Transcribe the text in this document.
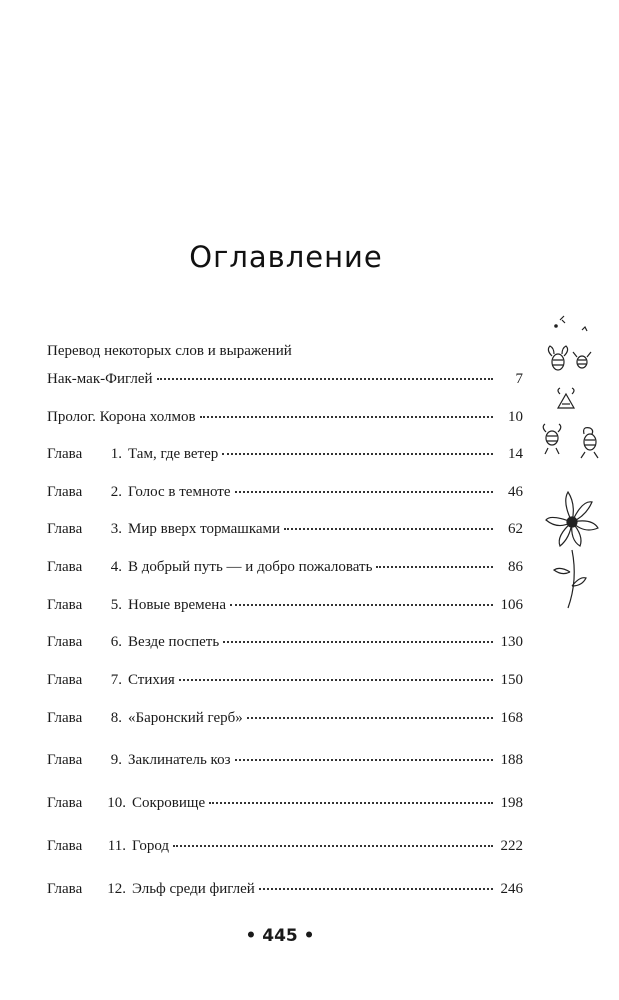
Оглавление
Перевод некоторых слов и выражений
Нак-мак-Фиглей	7
Пролог. Корона холмов	10
Глава	1. Там, где ветер	14
Глава	2. Голос в темноте	46
Глава	3. Мир вверх тормашками	62
Глава	4. В добрый путь — и добро пожаловать	86
Глава	5. Новые времена	106
Глава	6. Везде поспеть	130
Глава	7. Стихия	150
Глава	8. «Баронский герб»	168
Глава	9. Заклинатель коз	188
Глава	10. Сокровище	198
Глава	11. Город	222
Глава	12. Эльф среди фиглей	246
• 445 •
